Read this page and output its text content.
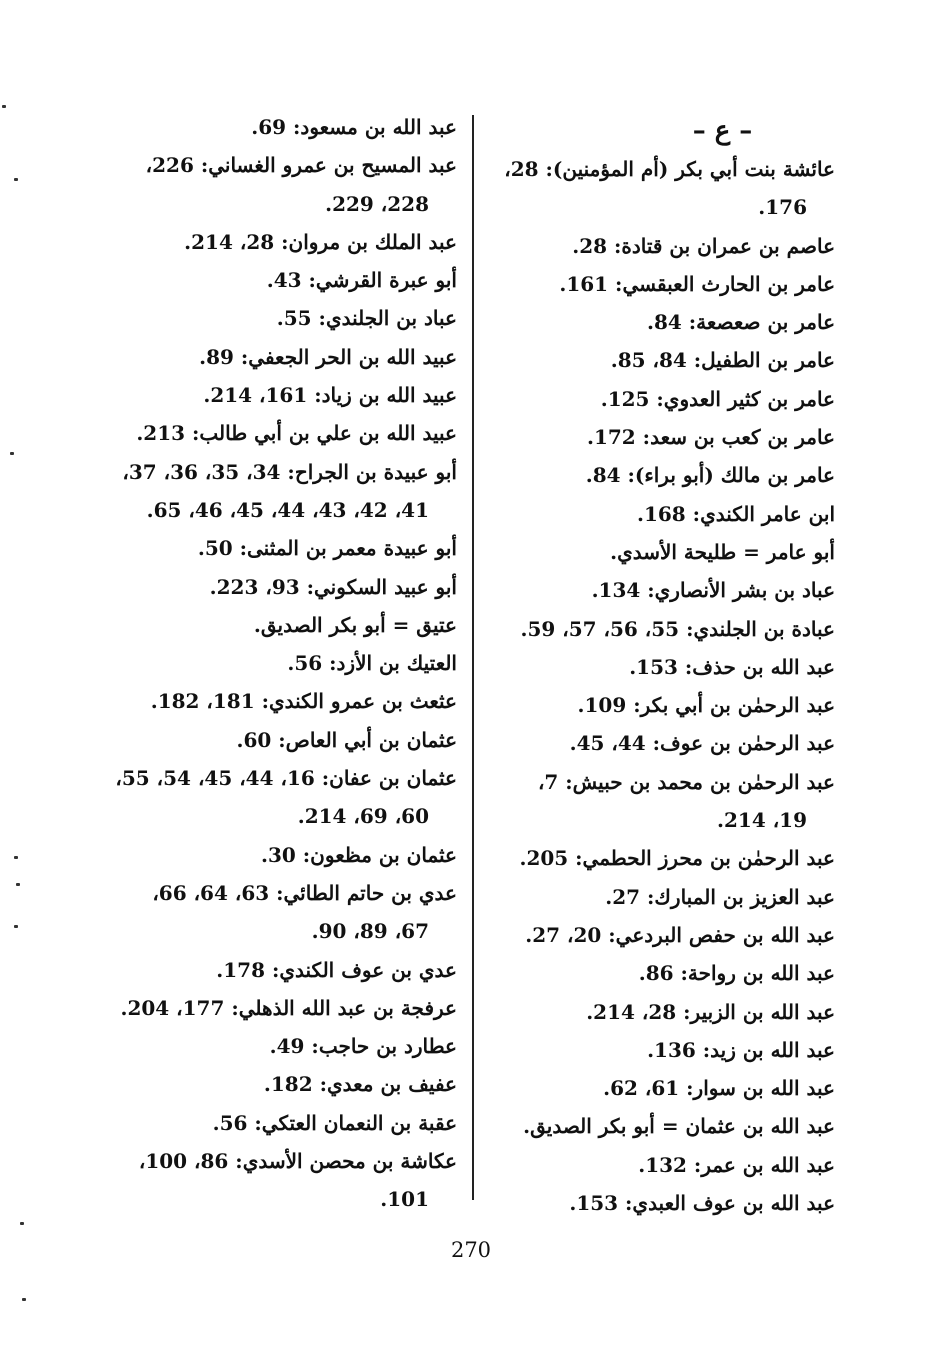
– ع –
عائشة بنت أبي بكر (أم المؤمنين): 28،
176.
عاصم بن عمران بن قتادة: 28.
عامر بن الحارث العبقسي: 161.
عامر بن صعصعة: 84.
عامر بن الطفيل: 84، 85.
عامر بن كثير العدوي: 125.
عامر بن كعب بن سعد: 172.
عامر بن مالك (أبو براء): 84.
ابن عامر الكندي: 168.
أبو عامر = طليحة الأسدي.
عباد بن بشر الأنصاري: 134.
عبادة بن الجلندي: 55، 56، 57، 59.
عبد الله بن حذف: 153.
عبد الرحمٰن بن أبي بكر: 109.
عبد الرحمٰن بن عوف: 44، 45.
عبد الرحمٰن بن محمد بن حبيش: 7،
19، 214.
عبد الرحمٰن بن محرز الحطمي: 205.
عبد العزيز بن المبارك: 27.
عبد الله بن حفص البردعي: 20، 27.
عبد الله بن رواحة: 86.
عبد الله بن الزبير: 28، 214.
عبد الله بن زيد: 136.
عبد الله بن سوار: 61، 62.
عبد الله بن عثمان = أبو بكر الصديق.
عبد الله بن عمر: 132.
عبد الله بن عوف العبدي: 153.
عبد الله بن مسعود: 69.
عبد المسيح بن عمرو الغساني: 226،
228، 229.
عبد الملك بن مروان: 28، 214.
أبو عبرة القرشي: 43.
عباد بن الجلندي: 55.
عبيد الله بن الحر الجعفي: 89.
عبيد الله بن زياد: 161، 214.
عبيد الله بن علي بن أبي طالب: 213.
أبو عبيدة بن الجراح: 34، 35، 36، 37،
41، 42، 43، 44، 45، 46، 65.
أبو عبيدة معمر بن المثنى: 50.
أبو عبيد السكوني: 93، 223.
عتيق = أبو بكر الصديق.
العتيك بن الأزد: 56.
عثعث بن عمرو الكندي: 181، 182.
عثمان بن أبي العاص: 60.
عثمان بن عفان: 16، 44، 45، 54، 55،
60، 69، 214.
عثمان بن مظعون: 30.
عدي بن حاتم الطائي: 63، 64، 66،
67، 89، 90.
عدي بن عوف الكندي: 178.
عرفجة بن عبد الله الذهلي: 177، 204.
عطارد بن حاجب: 49.
عفيف بن معدي: 182.
عقبة بن النعمان العتكي: 56.
عكاشة بن محصن الأسدي: 86، 100،
101.
270
